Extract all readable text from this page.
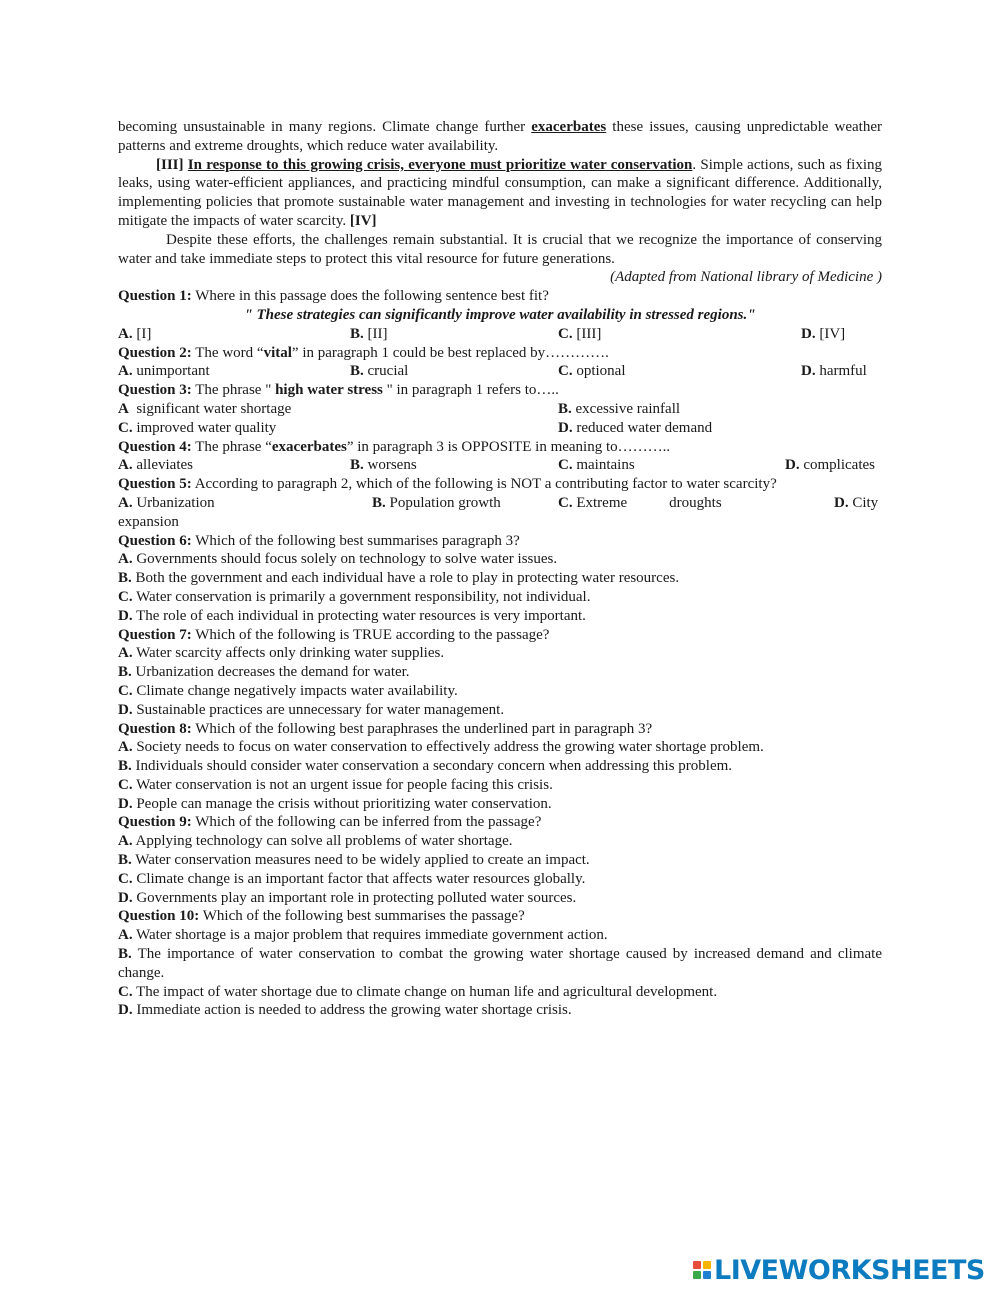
becoming unsustainable in many regions. Climate change further exacerbates these issues, causing unpredictable weather patterns and extreme droughts, which reduce water availability.
[III] In response to this growing crisis, everyone must prioritize water conservation. Simple actions, such as fixing leaks, using water-efficient appliances, and practicing mindful consumption, can make a significant difference. Additionally, implementing policies that promote sustainable water management and investing in technologies for water recycling can help mitigate the impacts of water scarcity. [IV]
Despite these efforts, the challenges remain substantial. It is crucial that we recognize the importance of conserving water and take immediate steps to protect this vital resource for future generations.
(Adapted from National library of Medicine )
Question 1: Where in this passage does the following sentence best fit?
" These strategies can significantly improve water availability in stressed regions."
A. [I]	B. [II]	C. [III]	D. [IV]
Question 2: The word “vital” in paragraph 1 could be best replaced by………….
A. unimportant	B. crucial	C. optional	D. harmful
Question 3: The phrase " high water stress " in paragraph 1 refers to…..
A  significant water shortage	B. excessive rainfall
C. improved water quality	D. reduced water demand
Question 4: The phrase “exacerbates” in paragraph 3 is OPPOSITE in meaning to………..
A. alleviates	B. worsens	C. maintains	D. complicates
Question 5: According to paragraph 2, which of the following is NOT a contributing factor to water scarcity?
A. Urbanization	B. Population growth	C. Extreme	droughts	D. City
expansion
Question 6: Which of the following best summarises paragraph 3?
A. Governments should focus solely on technology to solve water issues.
B. Both the government and each individual have a role to play in protecting water resources.
C. Water conservation is primarily a government responsibility, not individual.
D. The role of each individual in protecting water resources is very important.
Question 7: Which of the following is TRUE according to the passage?
A. Water scarcity affects only drinking water supplies.
B. Urbanization decreases the demand for water.
C. Climate change negatively impacts water availability.
D. Sustainable practices are unnecessary for water management.
Question 8: Which of the following best paraphrases the underlined part in paragraph 3?
A. Society needs to focus on water conservation to effectively address the growing water shortage problem.
B. Individuals should consider water conservation a secondary concern when addressing this problem.
C. Water conservation is not an urgent issue for people facing this crisis.
D. People can manage the crisis without prioritizing water conservation.
Question 9: Which of the following can be inferred from the passage?
A. Applying technology can solve all problems of water shortage.
B. Water conservation measures need to be widely applied to create an impact.
C. Climate change is an important factor that affects water resources globally.
D. Governments play an important role in protecting polluted water sources.
Question 10: Which of the following best summarises the passage?
A. Water shortage is a major problem that requires immediate government action.
B. The importance of water conservation to combat the growing water shortage caused by increased demand and climate change.
C. The impact of water shortage due to climate change on human life and agricultural development.
D. Immediate action is needed to address the growing water shortage crisis.
LIVEWORKSHEETS
